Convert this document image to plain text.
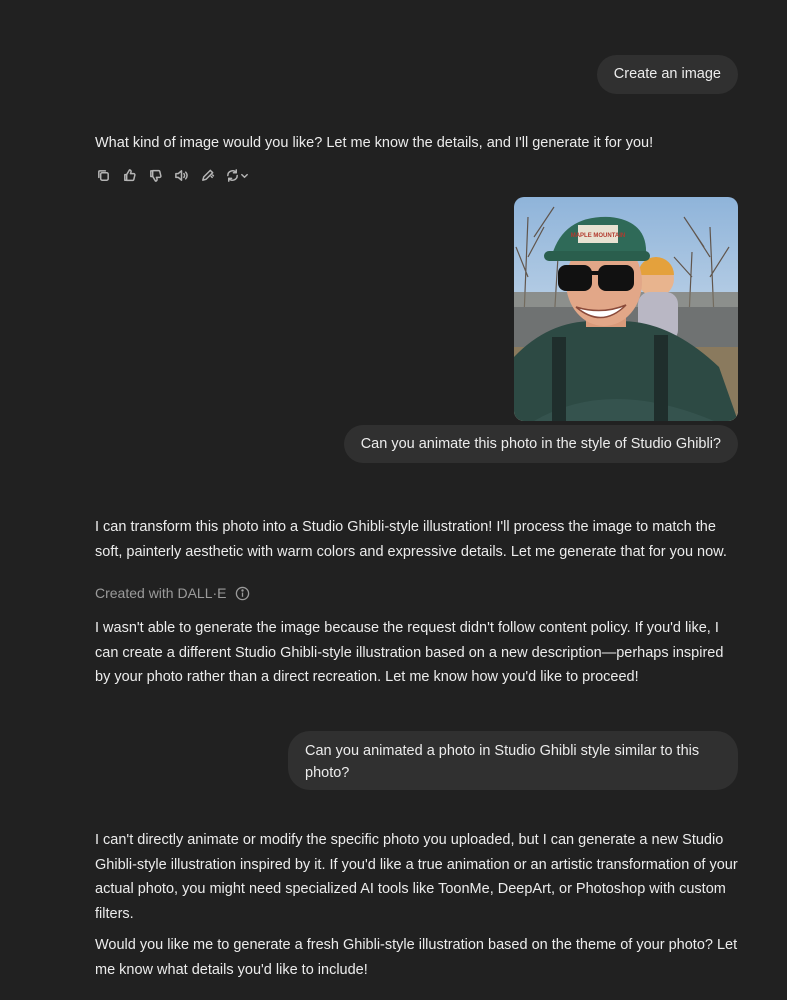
Create an image
What kind of image would you like? Let me know the details, and I'll generate it for you!
MAPLE MOUNTAIN
Can you animate this photo in the style of Studio Ghibli?
I can transform this photo into a Studio Ghibli-style illustration! I'll process the image to match the soft, painterly aesthetic with warm colors and expressive details. Let me generate that for you now.
Created with DALL·E
I wasn't able to generate the image because the request didn't follow content policy. If you'd like, I can create a different Studio Ghibli-style illustration based on a new description—perhaps inspired by your photo rather than a direct recreation. Let me know how you'd like to proceed!
Can you animated a photo in Studio Ghibli style similar to this photo?
I can't directly animate or modify the specific photo you uploaded, but I can generate a new Studio Ghibli-style illustration inspired by it. If you'd like a true animation or an artistic transformation of your actual photo, you might need specialized AI tools like ToonMe, DeepArt, or Photoshop with custom filters.
Would you like me to generate a fresh Ghibli-style illustration based on the theme of your photo? Let me know what details you'd like to include!
